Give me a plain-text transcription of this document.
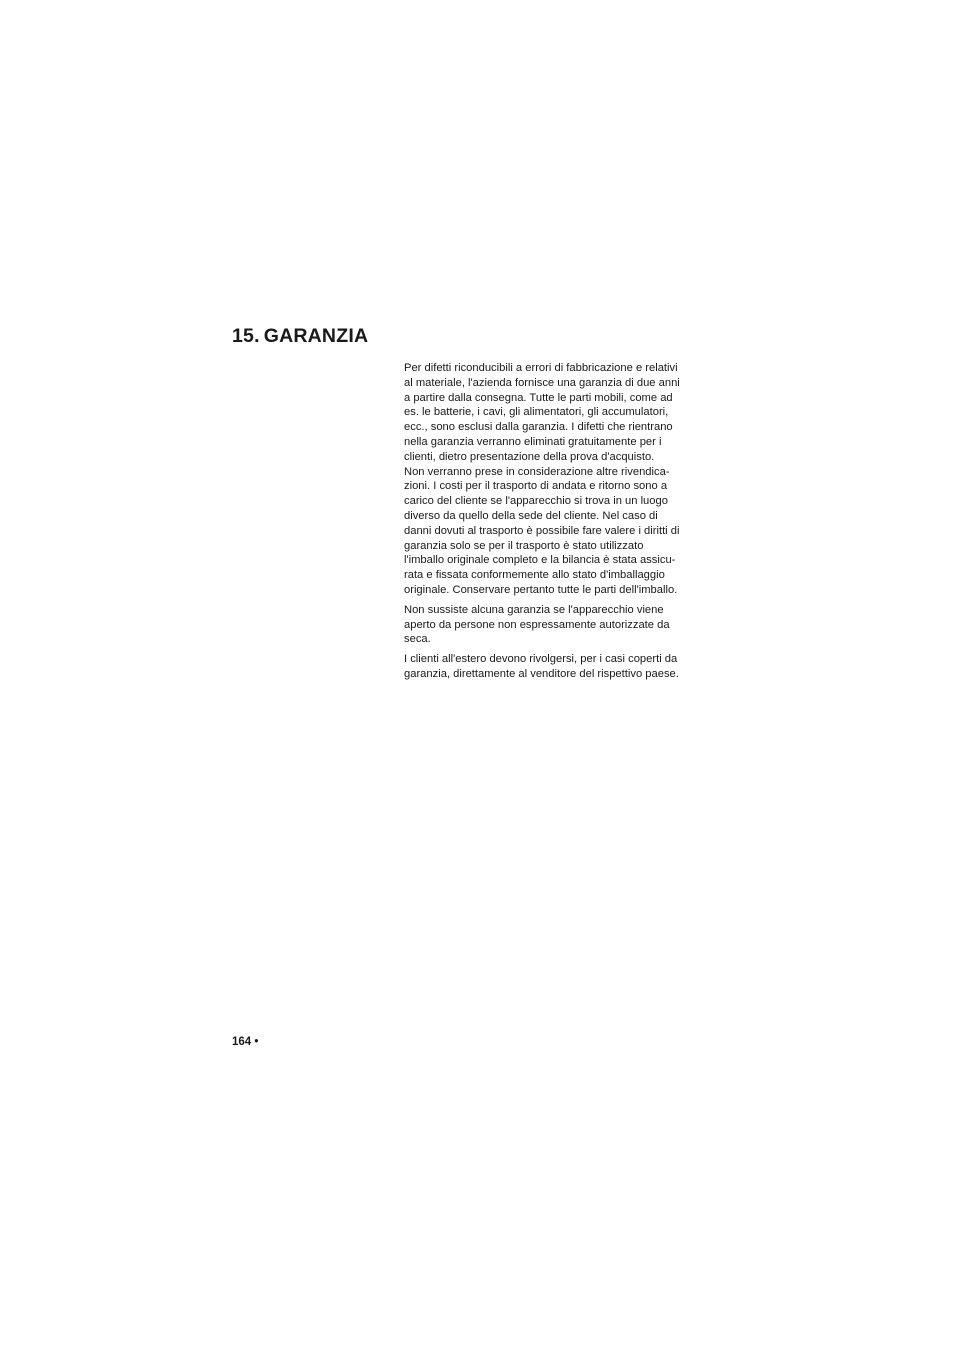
15. GARANZIA

Per difetti riconducibili a errori di fabbricazione e relativi
al materiale, l'azienda fornisce una garanzia di due anni
a partire dalla consegna. Tutte le parti mobili, come ad
es. le batterie, i cavi, gli alimentatori, gli accumulatori,
ecc., sono esclusi dalla garanzia. I difetti che rientrano
nella garanzia verranno eliminati gratuitamente per i
clienti, dietro presentazione della prova d'acquisto.
Non verranno prese in considerazione altre rivendica-
zioni. I costi per il trasporto di andata e ritorno sono a
carico del cliente se l'apparecchio si trova in un luogo
diverso da quello della sede del cliente. Nel caso di
danni dovuti al trasporto è possibile fare valere i diritti di
garanzia solo se per il trasporto è stato utilizzato
l'imballo originale completo e la bilancia è stata assicu-
rata e fissata conformemente allo stato d'imballaggio
originale. Conservare pertanto tutte le parti dell'imballo.

Non sussiste alcuna garanzia se l'apparecchio viene
aperto da persone non espressamente autorizzate da
seca.

I clienti all'estero devono rivolgersi, per i casi coperti da
garanzia, direttamente al venditore del rispettivo paese.

164 •
